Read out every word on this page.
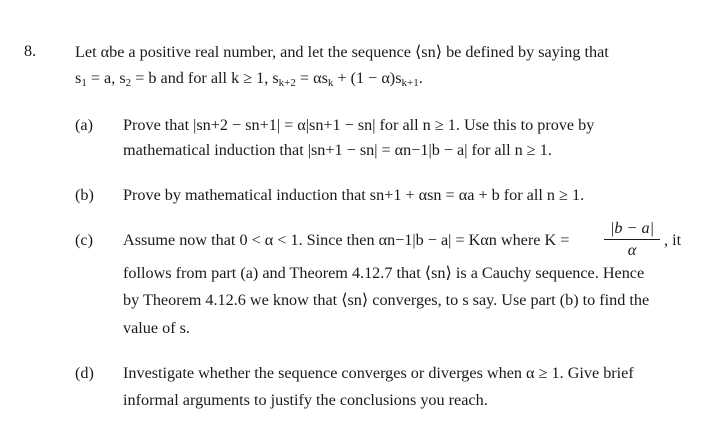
8. Let αbe a positive real number, and let the sequence ⟨sn⟩ be defined by saying that
$s_1 = a$, $s_2 = b$ and for all k ≥ 1, $s_{k+2} = \alpha s_k + (1 - \alpha)s_{k+1}$.
(a) Prove that |sn+2 − sn+1| = α|sn+1 − sn| for all n ≥ 1. Use this to prove by
mathematical induction that |sn+1 − sn| = αn−1|b − a| for all n ≥ 1.
(b) Prove by mathematical induction that sn+1 + αsn = αa + b for all n ≥ 1.
(c) Assume now that 0 < α < 1. Since then αn−1|b − a| = Kαn where $K = \frac{|b - a|}{\alpha}$ , it
follows from part (a) and Theorem 4.12.7 that ⟨sn⟩ is a Cauchy sequence. Hence
by Theorem 4.12.6 we know that ⟨sn⟩ converges, to s say. Use part (b) to find the
value of s.
(d) Investigate whether the sequence converges or diverges when α ≥ 1. Give brief
informal arguments to justify the conclusions you reach.
